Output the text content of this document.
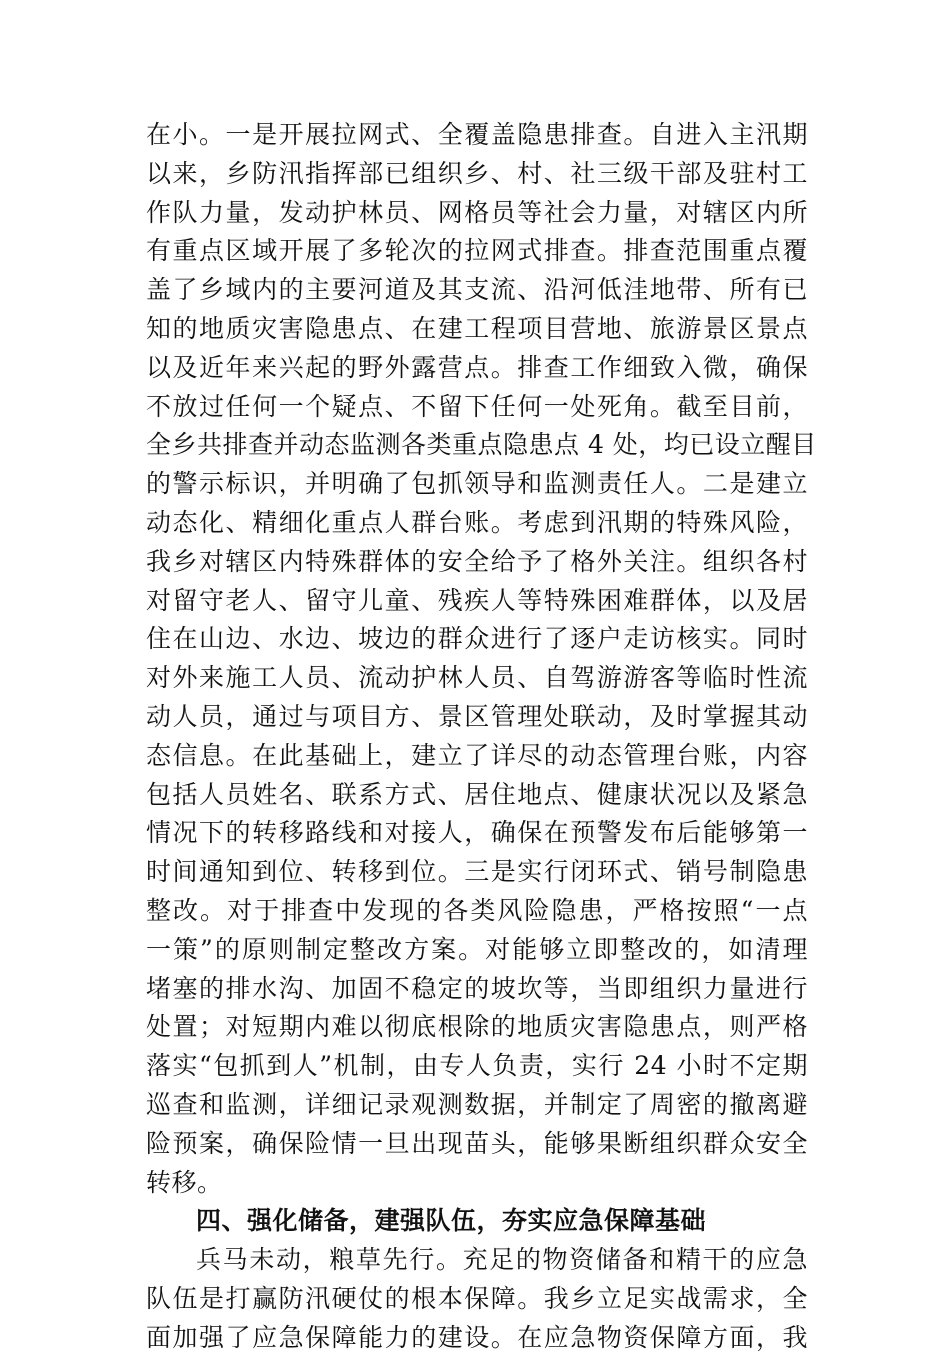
在小。一是开展拉网式、全覆盖隐患排查。自进入主汛期
以来，乡防汛指挥部已组织乡、村、社三级干部及驻村工
作队力量，发动护林员、网格员等社会力量，对辖区内所
有重点区域开展了多轮次的拉网式排查。排查范围重点覆
盖了乡域内的主要河道及其支流、沿河低洼地带、所有已
知的地质灾害隐患点、在建工程项目营地、旅游景区景点
以及近年来兴起的野外露营点。排查工作细致入微，确保
不放过任何一个疑点、不留下任何一处死角。截至目前，
全乡共排查并动态监测各类重点隐患点 4 处，均已设立醒目
的警示标识，并明确了包抓领导和监测责任人。二是建立
动态化、精细化重点人群台账。考虑到汛期的特殊风险，
我乡对辖区内特殊群体的安全给予了格外关注。组织各村
对留守老人、留守儿童、残疾人等特殊困难群体，以及居
住在山边、水边、坡边的群众进行了逐户走访核实。同时
对外来施工人员、流动护林人员、自驾游游客等临时性流
动人员，通过与项目方、景区管理处联动，及时掌握其动
态信息。在此基础上，建立了详尽的动态管理台账，内容
包括人员姓名、联系方式、居住地点、健康状况以及紧急
情况下的转移路线和对接人，确保在预警发布后能够第一
时间通知到位、转移到位。三是实行闭环式、销号制隐患
整改。对于排查中发现的各类风险隐患，严格按照“一点
一策”的原则制定整改方案。对能够立即整改的，如清理
堵塞的排水沟、加固不稳定的坡坎等，当即组织力量进行
处置；对短期内难以彻底根除的地质灾害隐患点，则严格
落实“包抓到人”机制，由专人负责，实行 24 小时不定期
巡查和监测，详细记录观测数据，并制定了周密的撤离避
险预案，确保险情一旦出现苗头，能够果断组织群众安全
转移。
四、强化储备，建强队伍，夯实应急保障基础
兵马未动，粮草先行。充足的物资储备和精干的应急
队伍是打赢防汛硬仗的根本保障。我乡立足实战需求，全
面加强了应急保障能力的建设。在应急物资保障方面，我
